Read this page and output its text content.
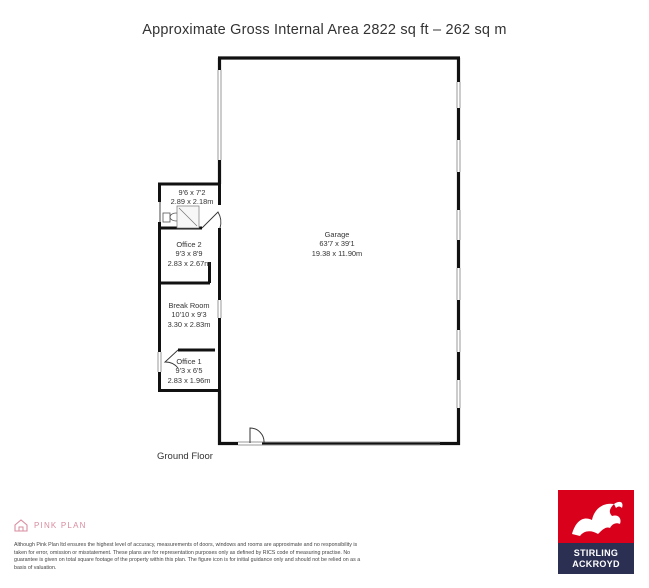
Approximate Gross Internal Area 2822 sq ft – 262 sq m
Garage
63'7 x 39'1
19.38 x 11.90m
9'6 x 7'2
2.89 x 2.18m
Office 2
9'3 x 8'9
2.83 x 2.67m
Break Room
10'10 x 9'3
3.30 x 2.83m
Office 1
9'3 x 6'5
2.83 x 1.96m
Ground Floor
PINK PLAN
Although Pink Plan ltd ensures the highest level of accuracy, measurements of doors, windows and rooms are approximate and no responsibility is taken for error, omission or misstatement. These plans are for representation purposes only as defined by RICS code of measuring practise. No guarantee is given on total square footage of the property within this plan. The figure icon is for initial guidance only and should not be relied on as a basis of valuation.
STIRLING
ACKROYD
